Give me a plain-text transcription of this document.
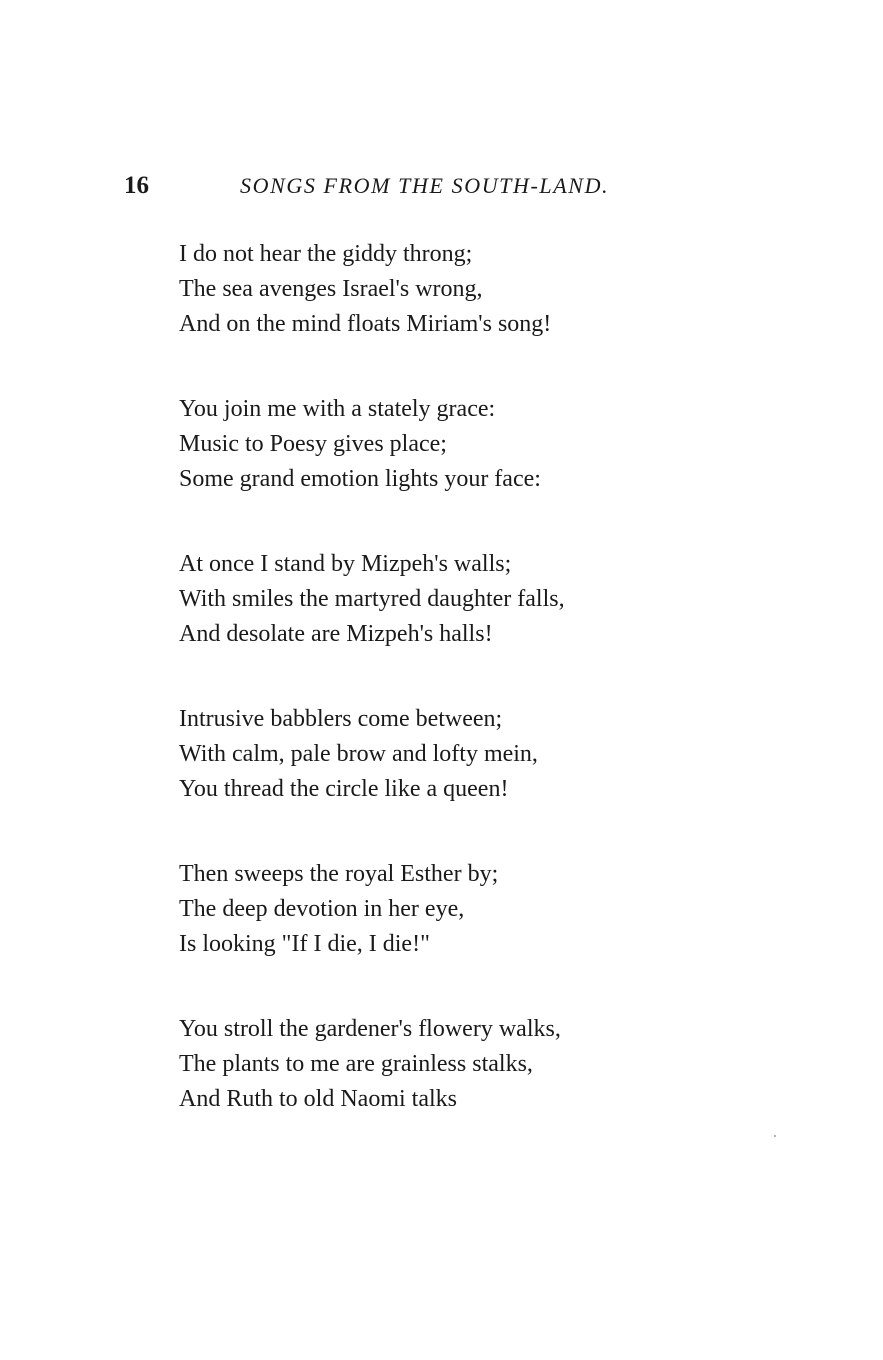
16	SONGS FROM THE SOUTH-LAND.
I do not hear the giddy throng;
The sea avenges Israel's wrong,
And on the mind floats Miriam's song!
You join me with a stately grace:
Music to Poesy gives place;
Some grand emotion lights your face:
At once I stand by Mizpeh's walls;
With smiles the martyred daughter falls,
And desolate are Mizpeh's halls!
Intrusive babblers come between;
With calm, pale brow and lofty mein,
You thread the circle like a queen!
Then sweeps the royal Esther by;
The deep devotion in her eye,
Is looking "If I die, I die!"
You stroll the gardener's flowery walks,
The plants to me are grainless stalks,
And Ruth to old Naomi talks
